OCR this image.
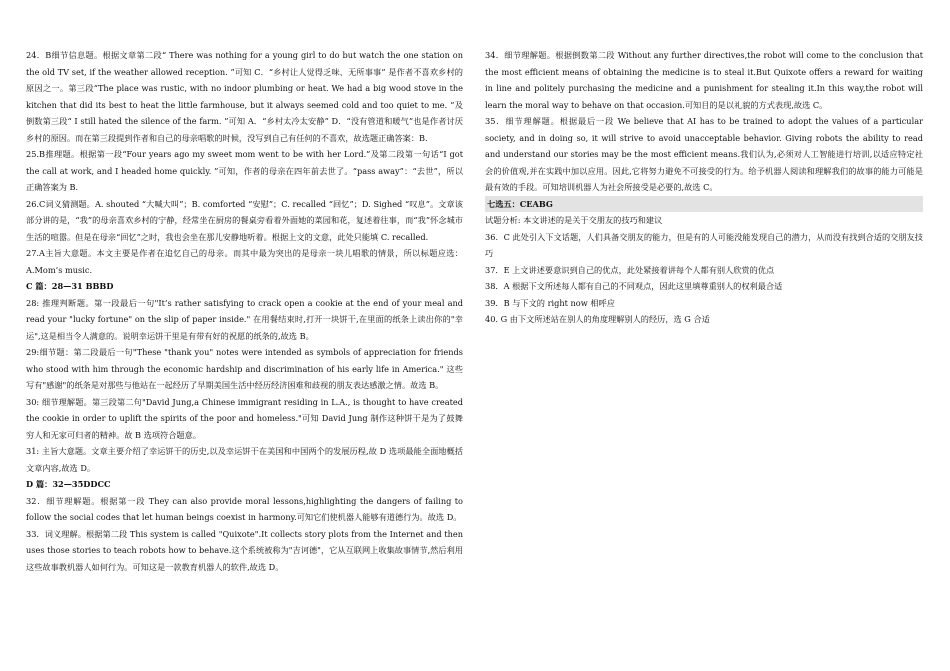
24．B细节信息题。根据文章第二段“ There was nothing for a young girl to do but watch the one station on the old TV set, if the weather allowed reception. ”可知 C．“乡村让人觉得乏味、无所事事” 是作者不喜欢乡村的原因之一。第三段“The place was rustic, with no indoor plumbing or heat. We had a big wood stove in the kitchen that did its best to heat the little farmhouse, but it always seemed cold and too quiet to me. ”及倒数第三段“ I still hated the silence of the farm. ”可知 A．“乡村太冷太安静” D．“没有管道和暖气”也是作者讨厌乡村的原因。而在第三段提到作者和自己的母亲唱歌的时候，没写到自己有任何的不喜欢，故选题正确答案：B.

25.B推理题。根据第一段“Four years ago my sweet mom went to be with her Lord.”及第二段第一句话“I got the call at work, and I headed home quickly. ”可知，作者的母亲在四年前去世了。“pass away”：“去世”，所以正确答案为 B.

26.C词义猜测题。A. shouted “大喊大叫”；B. comforted “安慰”；C. recalled “回忆”；D. Sighed “叹息”。文章该部分讲的是，“我”的母亲喜欢乡村的宁静，经常坐在厨房的餐桌旁看着外面她的菜园和花，复述着往事，而“我”怀念城市生活的喧嚣。但是在母亲“回忆”之时，我也会坐在那儿安静地听着。根据上文的文意，此处只能填 C. recalled.

27.A主旨大意题。本文主要是作者在追忆自己的母亲。而其中最为突出的是母亲一块儿唱歌的情景，所以标题应选：A.Mom’s music.

C 篇：28—31 BBBD

28: 推理判断题。第一段最后一句"It’s rather satisfying to crack open a cookie at the end of your meal and read your "lucky fortune" on the slip of paper inside." 在用餐结束时,打开一块饼干,在里面的纸条上读出你的"幸运",这是相当令人满意的。说明幸运饼干里是有带有好的祝愿的纸条的,故选 B。

29:细节题：第二段最后一句"These "thank you" notes were intended as symbols of appreciation for friends who stood with him through the economic hardship and discrimination of his early life in America." 这些写有"感谢"的纸条是对那些与他站在一起经历了早期美国生活中经历经济困难和歧视的朋友表达感激之情。故选 B。

30: 细节理解题。第三段第二句"David Jung,a Chinese immigrant residing in L.A., is thought to have created the cookie in order to uplift the spirits of the poor and homeless."可知 David Jung 制作这种饼干是为了鼓舞穷人和无家可归者的精神。故 B 选项符合题意。

31: 主旨大意题。文章主要介绍了幸运饼干的历史,以及幸运饼干在美国和中国两个的发展历程,故 D 选项最能全面地概括文章内容,故选 D。

D 篇：32—35DDCC

32．细节理解题。根据第一段 They can also provide moral lessons,highlighting the dangers of failing to follow the social codes that let human beings coexist in harmony.可知它们使机器人能够有道德行为。故选 D。

33．词义理解。根据第二段 This system is called "Quixote".It collects story plots from the Internet and then uses those stories to teach robots how to behave.这个系统被称为"吉诃德"，它从互联网上收集故事情节,然后利用这些故事教机器人如何行为。可知这是一款教育机器人的软件,故选 D。

34．细节理解题。根据倒数第二段 Without any further directives,the robot will come to the conclusion that the most efficient means of obtaining the medicine is to steal it.But Quixote offers a reward for waiting in line and politely purchasing the medicine and a punishment for stealing it.In this way,the robot will learn the moral way to behave on that occasion.可知目的是以礼貌的方式表现,故选 C。

35．细节理解题。根据最后一段 We believe that AI has to be trained to adopt the values of a particular society, and in doing so, it will strive to avoid unacceptable behavior. Giving robots the ability to read and understand our stories may be the most efficient means.我们认为,必须对人工智能进行培训,以适应特定社会的价值观,并在实践中加以应用。因此,它将努力避免不可接受的行为。给予机器人阅读和理解我们的故事的能力可能是最有效的手段。可知培训机器人为社会所接受是必要的,故选 C。

七选五：CEABG

试题分析: 本文讲述的是关于交朋友的技巧和建议

36．C 此处引入下文话题，人们具备交朋友的能力，但是有的人可能没能发现自己的潜力，从而没有找到合适的交朋友技巧

37．E 上文讲述要意识到自己的优点，此处紧接着讲每个人都有别人欣赏的优点

38．A 根据下文所述每人都有自己的不同观点，因此这里填尊重别人的权利最合适

39．B 与下文的 right now 相呼应

40. G 由下文所述站在别人的角度理解别人的经历，选 G 合适
